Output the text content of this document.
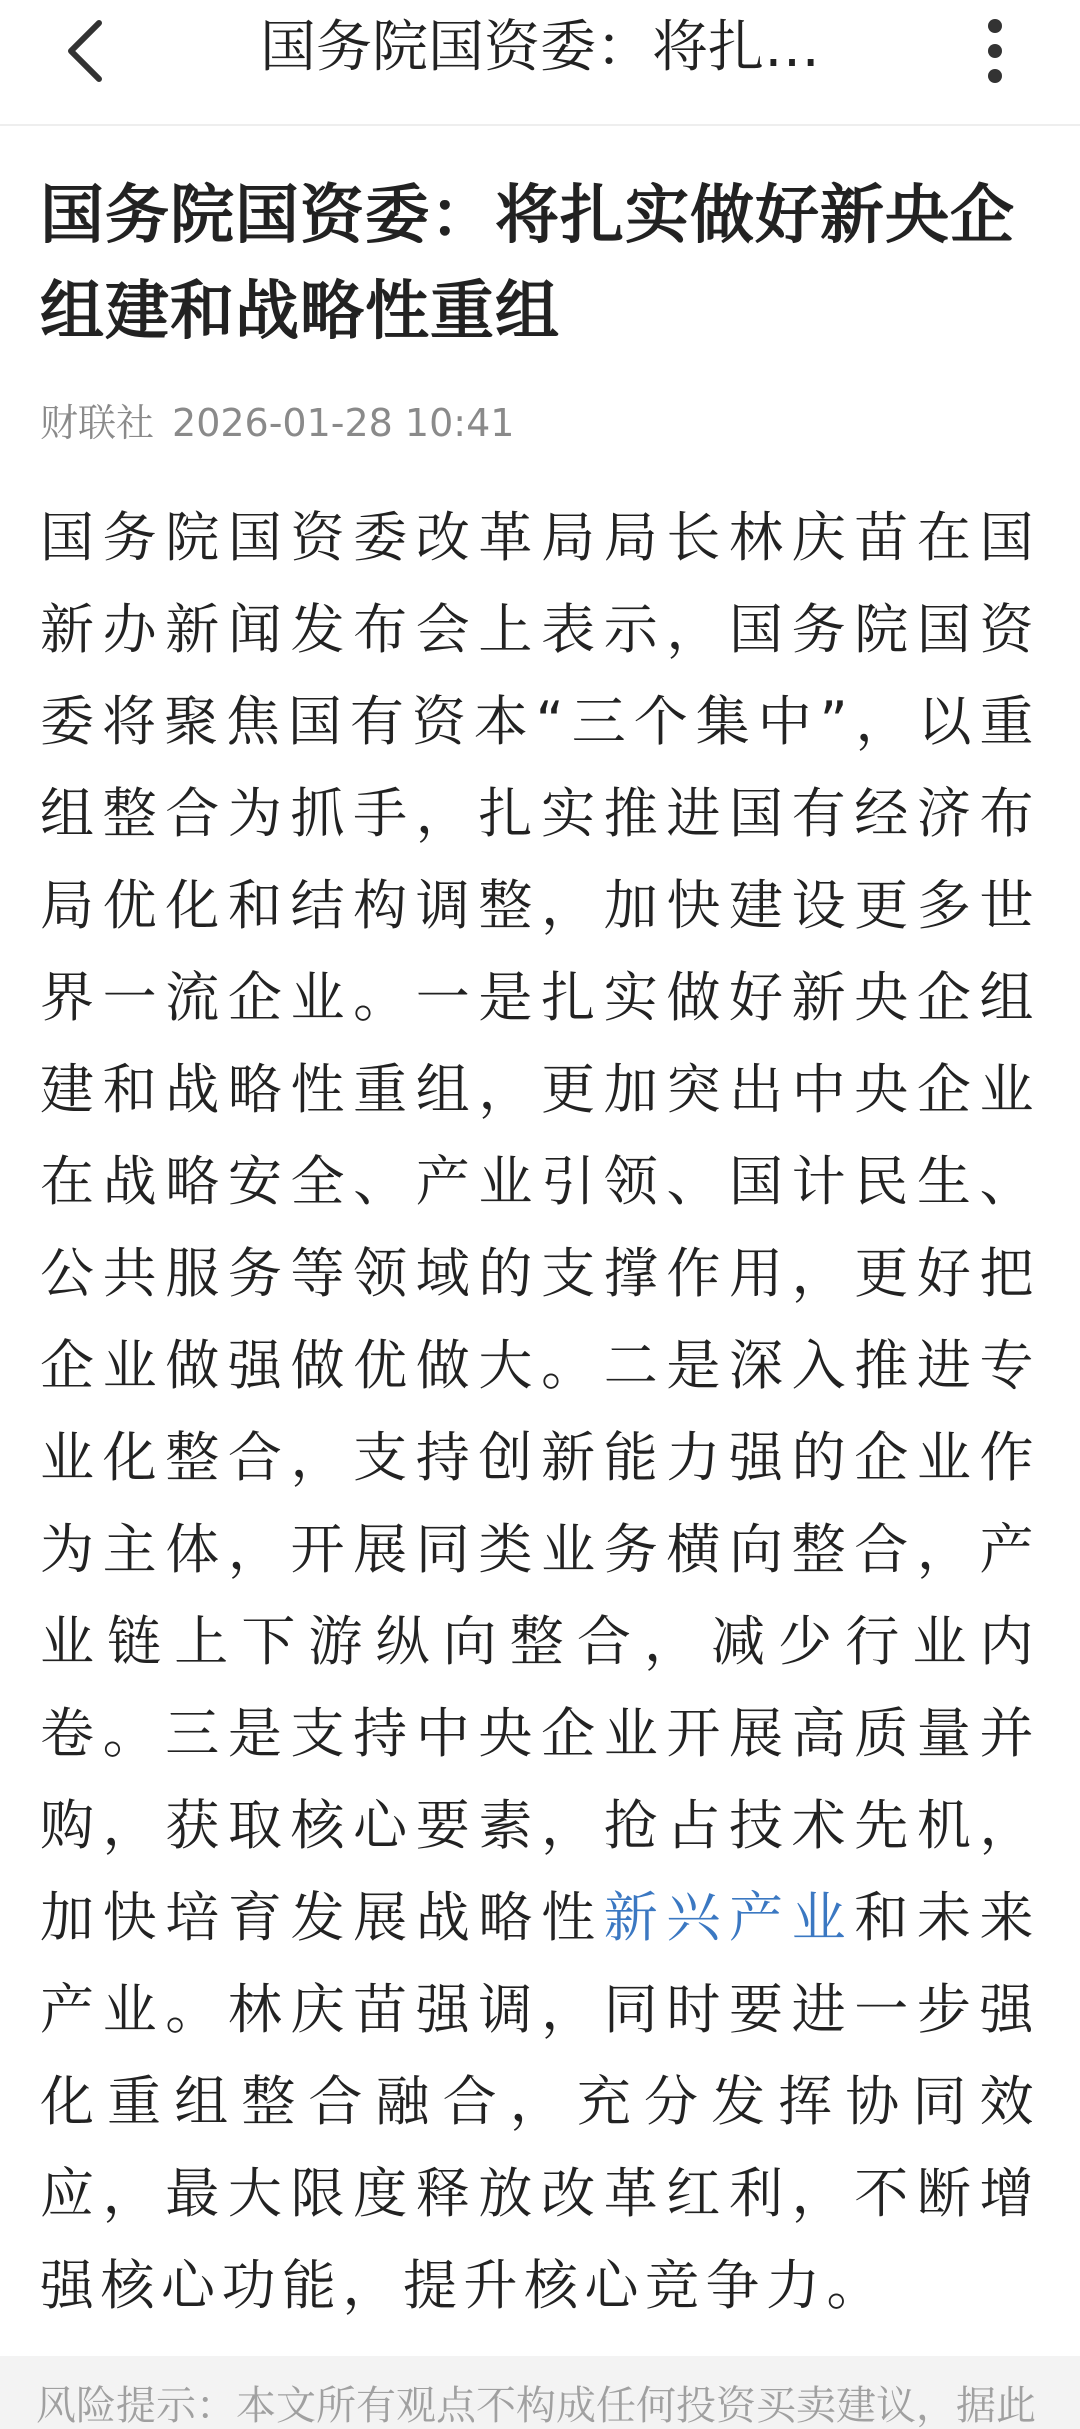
国务院国资委：将扎…
国务院国资委：将扎实做好新央企组建和战略性重组
财联社 2026-01-28 10:41
国务院国资委改革局局长林庆苗在国新办新闻发布会上表示，国务院国资委将聚焦国有资本“三个集中”，以重组整合为抓手，扎实推进国有经济布局优化和结构调整，加快建设更多世界一流企业。一是扎实做好新央企组建和战略性重组，更加突出中央企业在战略安全、产业引领、国计民生、公共服务等领域的支撑作用，更好把企业做强做优做大。二是深入推进专业化整合，支持创新能力强的企业作为主体，开展同类业务横向整合，产业链上下游纵向整合，减少行业内卷。三是支持中央企业开展高质量并购，获取核心要素，抢占技术先机，加快培育发展战略性新兴产业和未来产业。林庆苗强调，同时要进一步强化重组整合融合，充分发挥协同效应，最大限度释放改革红利，不断增强核心功能，提升核心竞争力。
风险提示：本文所有观点不构成任何投资买卖建议，据此
